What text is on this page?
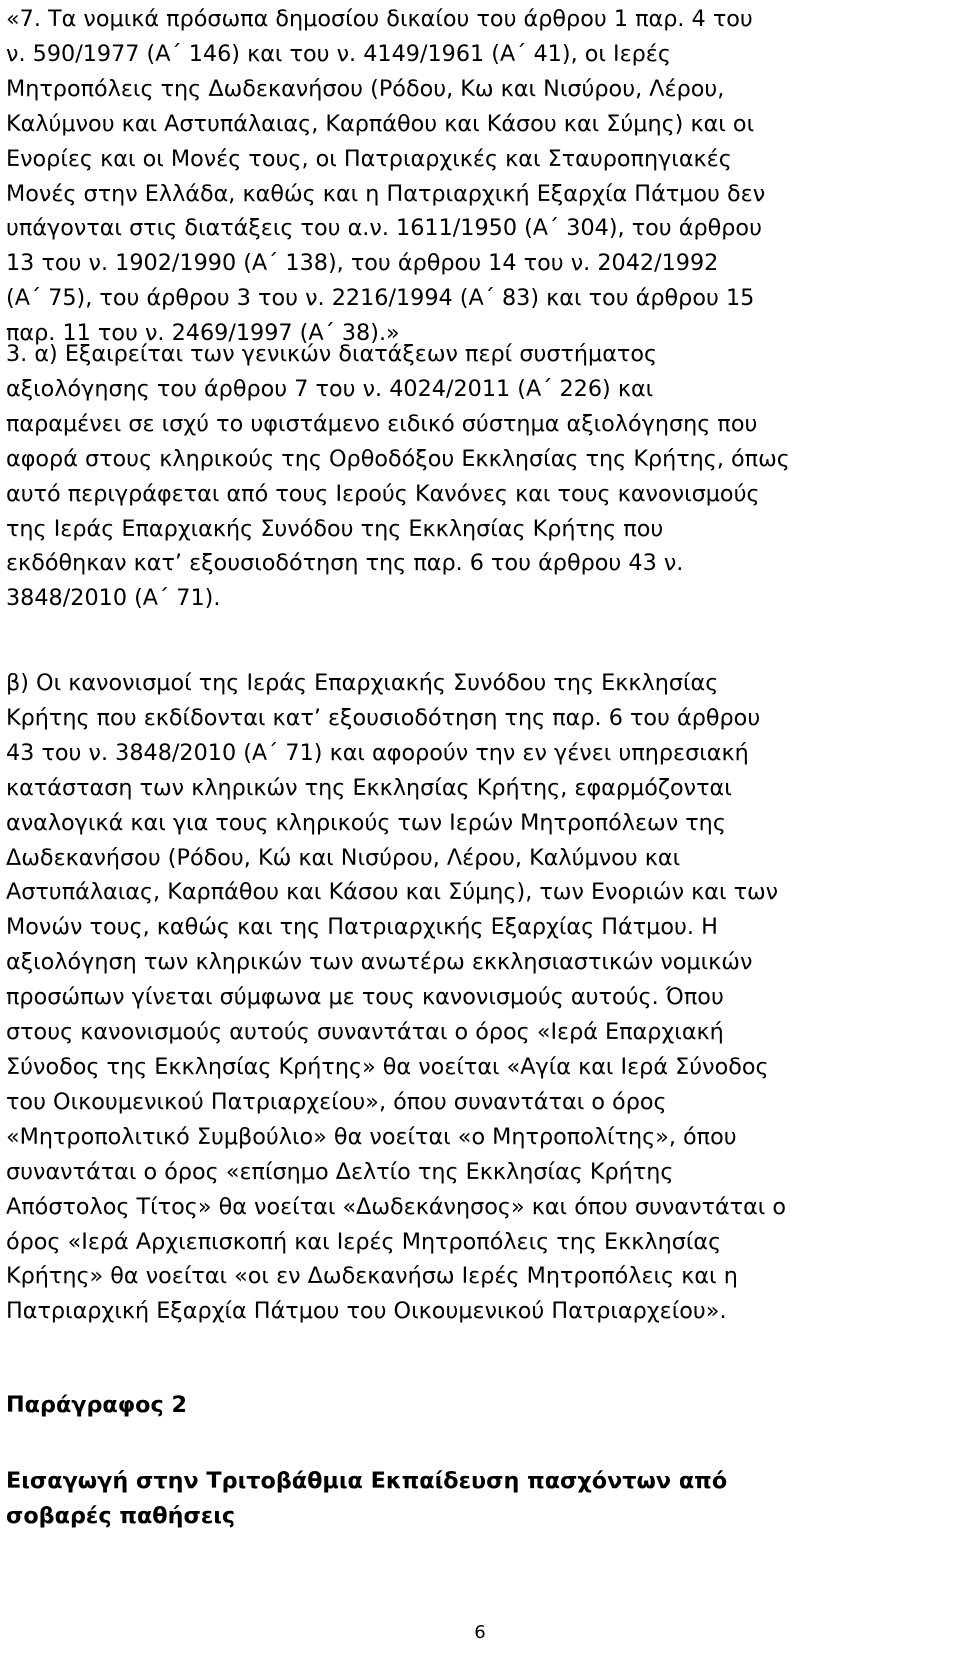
«7. Τα νομικά πρόσωπα δημοσίου δικαίου του άρθρου 1 παρ. 4 του
ν. 590/1977 (Α΄ 146) και του ν. 4149/1961 (Α΄ 41), οι Ιερές
Μητροπόλεις της Δωδεκανήσου (Ρόδου, Κω και Νισύρου, Λέρου,
Καλύμνου και Αστυπάλαιας, Καρπάθου και Κάσου και Σύμης) και οι
Ενορίες και οι Μονές τους, οι Πατριαρχικές και Σταυροπηγιακές
Μονές στην Ελλάδα, καθώς και η Πατριαρχική Εξαρχία Πάτμου δεν
υπάγονται στις διατάξεις του α.ν. 1611/1950 (Α΄ 304), του άρθρου
13 του ν. 1902/1990 (Α΄ 138), του άρθρου 14 του ν. 2042/1992
(Α΄ 75), του άρθρου 3 του ν. 2216/1994 (Α΄ 83) και του άρθρου 15
παρ. 11 του ν. 2469/1997 (Α΄ 38).»
3. α) Εξαιρείται των γενικών διατάξεων περί συστήματος
αξιολόγησης του άρθρου 7 του ν. 4024/2011 (Α΄ 226) και
παραμένει σε ισχύ το υφιστάμενο ειδικό σύστημα αξιολόγησης που
αφορά στους κληρικούς της Ορθοδόξου Εκκλησίας της Κρήτης, όπως
αυτό περιγράφεται από τους Ιερούς Κανόνες και τους κανονισμούς
της Ιεράς Επαρχιακής Συνόδου της Εκκλησίας Κρήτης που
εκδόθηκαν κατ’ εξουσιοδότηση της παρ. 6 του άρθρου 43 ν.
3848/2010 (Α΄ 71).
β) Οι κανονισμοί της Ιεράς Επαρχιακής Συνόδου της Εκκλησίας
Κρήτης που εκδίδονται κατ’ εξουσιοδότηση της παρ. 6 του άρθρου
43 του ν. 3848/2010 (Α΄ 71) και αφορούν την εν γένει υπηρεσιακή
κατάσταση των κληρικών της Εκκλησίας Κρήτης, εφαρμόζονται
αναλογικά και για τους κληρικούς των Ιερών Μητροπόλεων της
Δωδεκανήσου (Ρόδου, Κώ και Νισύρου, Λέρου, Καλύμνου και
Αστυπάλαιας, Καρπάθου και Κάσου και Σύμης), των Ενοριών και των
Μονών τους, καθώς και της Πατριαρχικής Εξαρχίας Πάτμου. Η
αξιολόγηση των κληρικών των ανωτέρω εκκλησιαστικών νομικών
προσώπων γίνεται σύμφωνα με τους κανονισμούς αυτούς. Όπου
στους κανονισμούς αυτούς συναντάται ο όρος «Ιερά Επαρχιακή
Σύνοδος της Εκκλησίας Κρήτης» θα νοείται «Αγία και Ιερά Σύνοδος
του Οικουμενικού Πατριαρχείου», όπου συναντάται ο όρος
«Μητροπολιτικό Συμβούλιο» θα νοείται «ο Μητροπολίτης», όπου
συναντάται ο όρος «επίσημο Δελτίο της Εκκλησίας Κρήτης
Απόστολος Τίτος» θα νοείται «Δωδεκάνησος» και όπου συναντάται ο
όρος «Ιερά Αρχιεπισκοπή και Ιερές Μητροπόλεις της Εκκλησίας
Κρήτης» θα νοείται «οι εν Δωδεκανήσω Ιερές Μητροπόλεις και η
Πατριαρχική Εξαρχία Πάτμου του Οικουμενικού Πατριαρχείου».

Παράγραφος 2

Εισαγωγή στην Τριτοβάθμια Εκπαίδευση πασχόντων από
σοβαρές παθήσεις

6
